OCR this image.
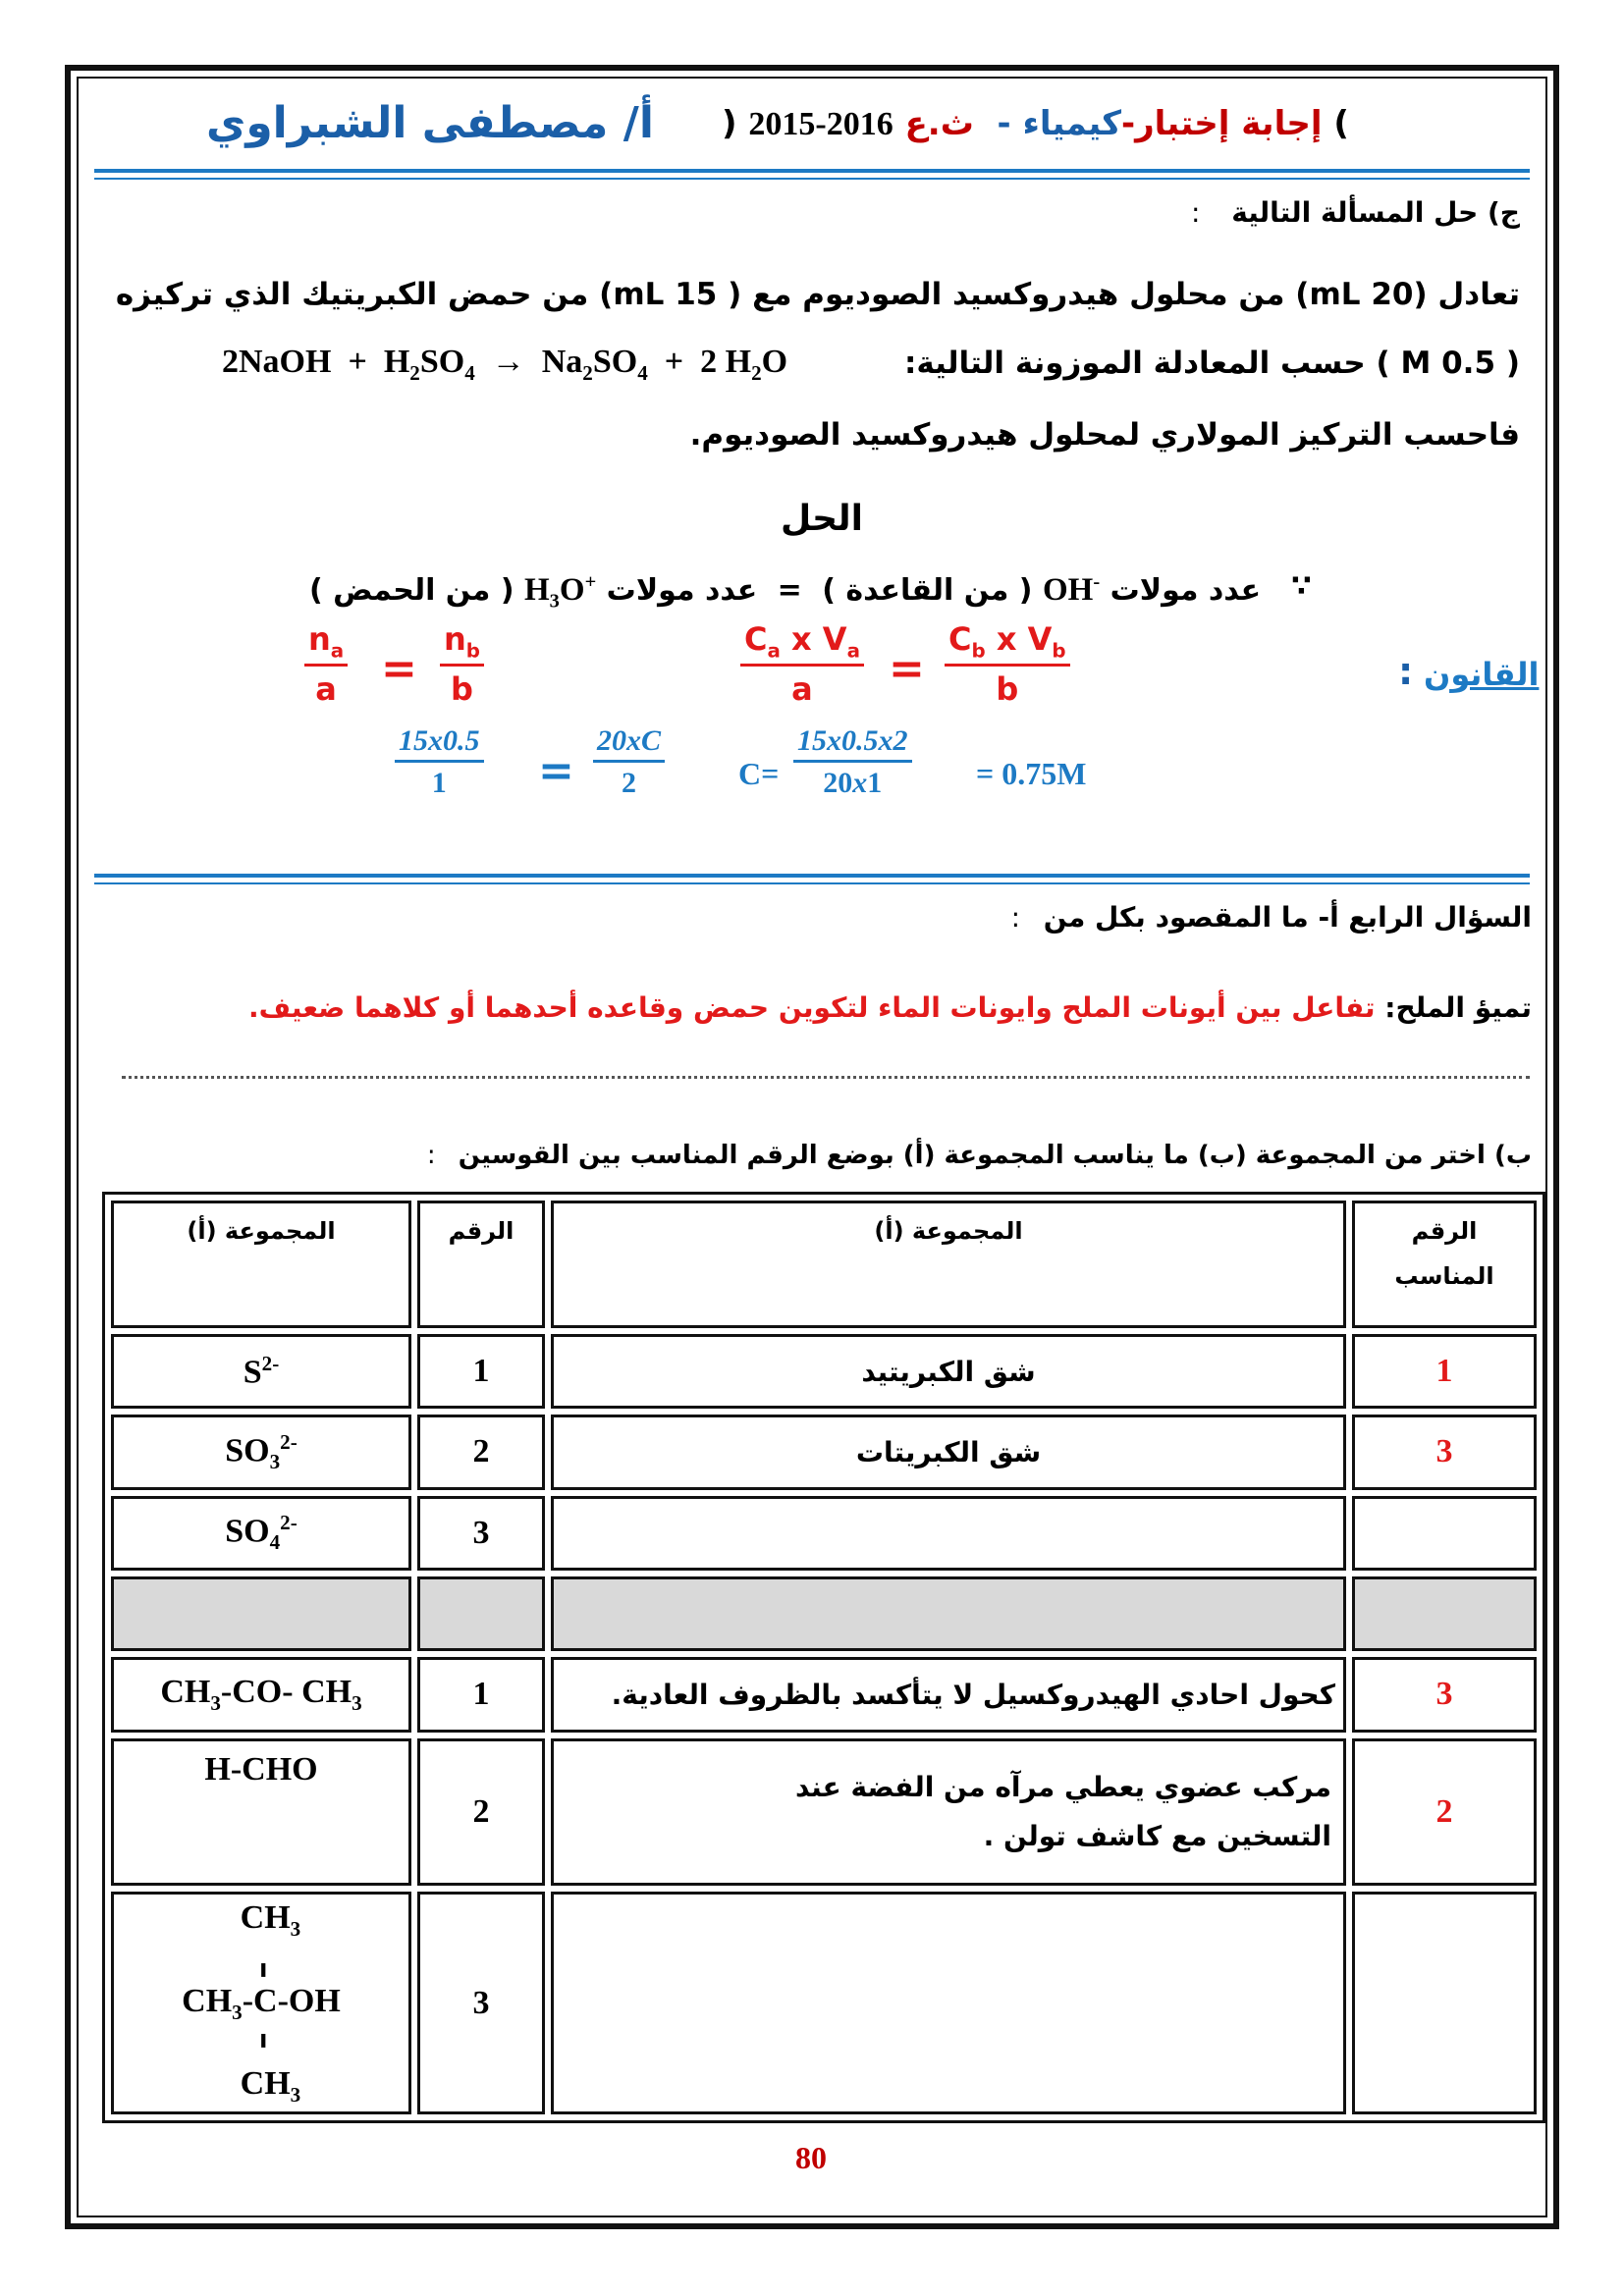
أ/ مصطفى الشبراوي ) 2015-2016 ث.ع كيمياء - إجابة إختبار- (
ج) حل المسألة التالية :
تعادل (20 mL) من محلول هيدروكسيد الصوديوم مع ( 15 mL) من حمض الكبريتيك الذي تركيزه
( 0.5 M ) حسب المعادلة الموزونة التالية:
2NaOH  +  $H_2SO_4 \to Na_2SO_4 + 2$ $H_2O$
فاحسب التركيز المولاري لمحلول هيدروكسيد الصوديوم.
الحل
∵
( من الحمض ) $H_3O^+$ عدد مولات = ( من القاعدة ) OH- عدد مولات
القانون
:
$\frac{n_a}{a} = \frac{n_b}{b}$	$\frac{C_a x V_a}{a} = \frac{C_b x V_b}{b}$
$\frac{15x0.5}{1} = \frac{20xC}{2} C= \frac{15x0.5x2}{20x1} = 0.75M$
السؤال الرابع أ- ما المقصود بكل من :
تميؤ الملح: تفاعل بين أيونات الملح وايونات الماء لتكوين حمض وقاعده أحدهما أو كلاهما ضعيف.
ب) اختر من المجموعة (ب) ما يناسب المجموعة (أ) بوضع الرقم المناسب بين القوسين :
المجموعة (أ)	الرقم	المجموعة (أ)	الرقم المناسب
$S^{2-}$	1	شق الكبريتيد	1
$SO_3^{2-}$	2	شق الكبريتات	3
$SO_4^{2-}$	3		

$CH_3-CO-$ $CH_3$	1	كحول احادي الهيدروكسيل لا يتأكسد بالظروف العادية.	3
H-CHO	2	مركب عضوي يعطي مرآه من الفضة عند التسخين مع كاشف تولن .	2
$CH_3$
╻
$CH_3-C-OH$
╹
$CH_3$	3		
80
